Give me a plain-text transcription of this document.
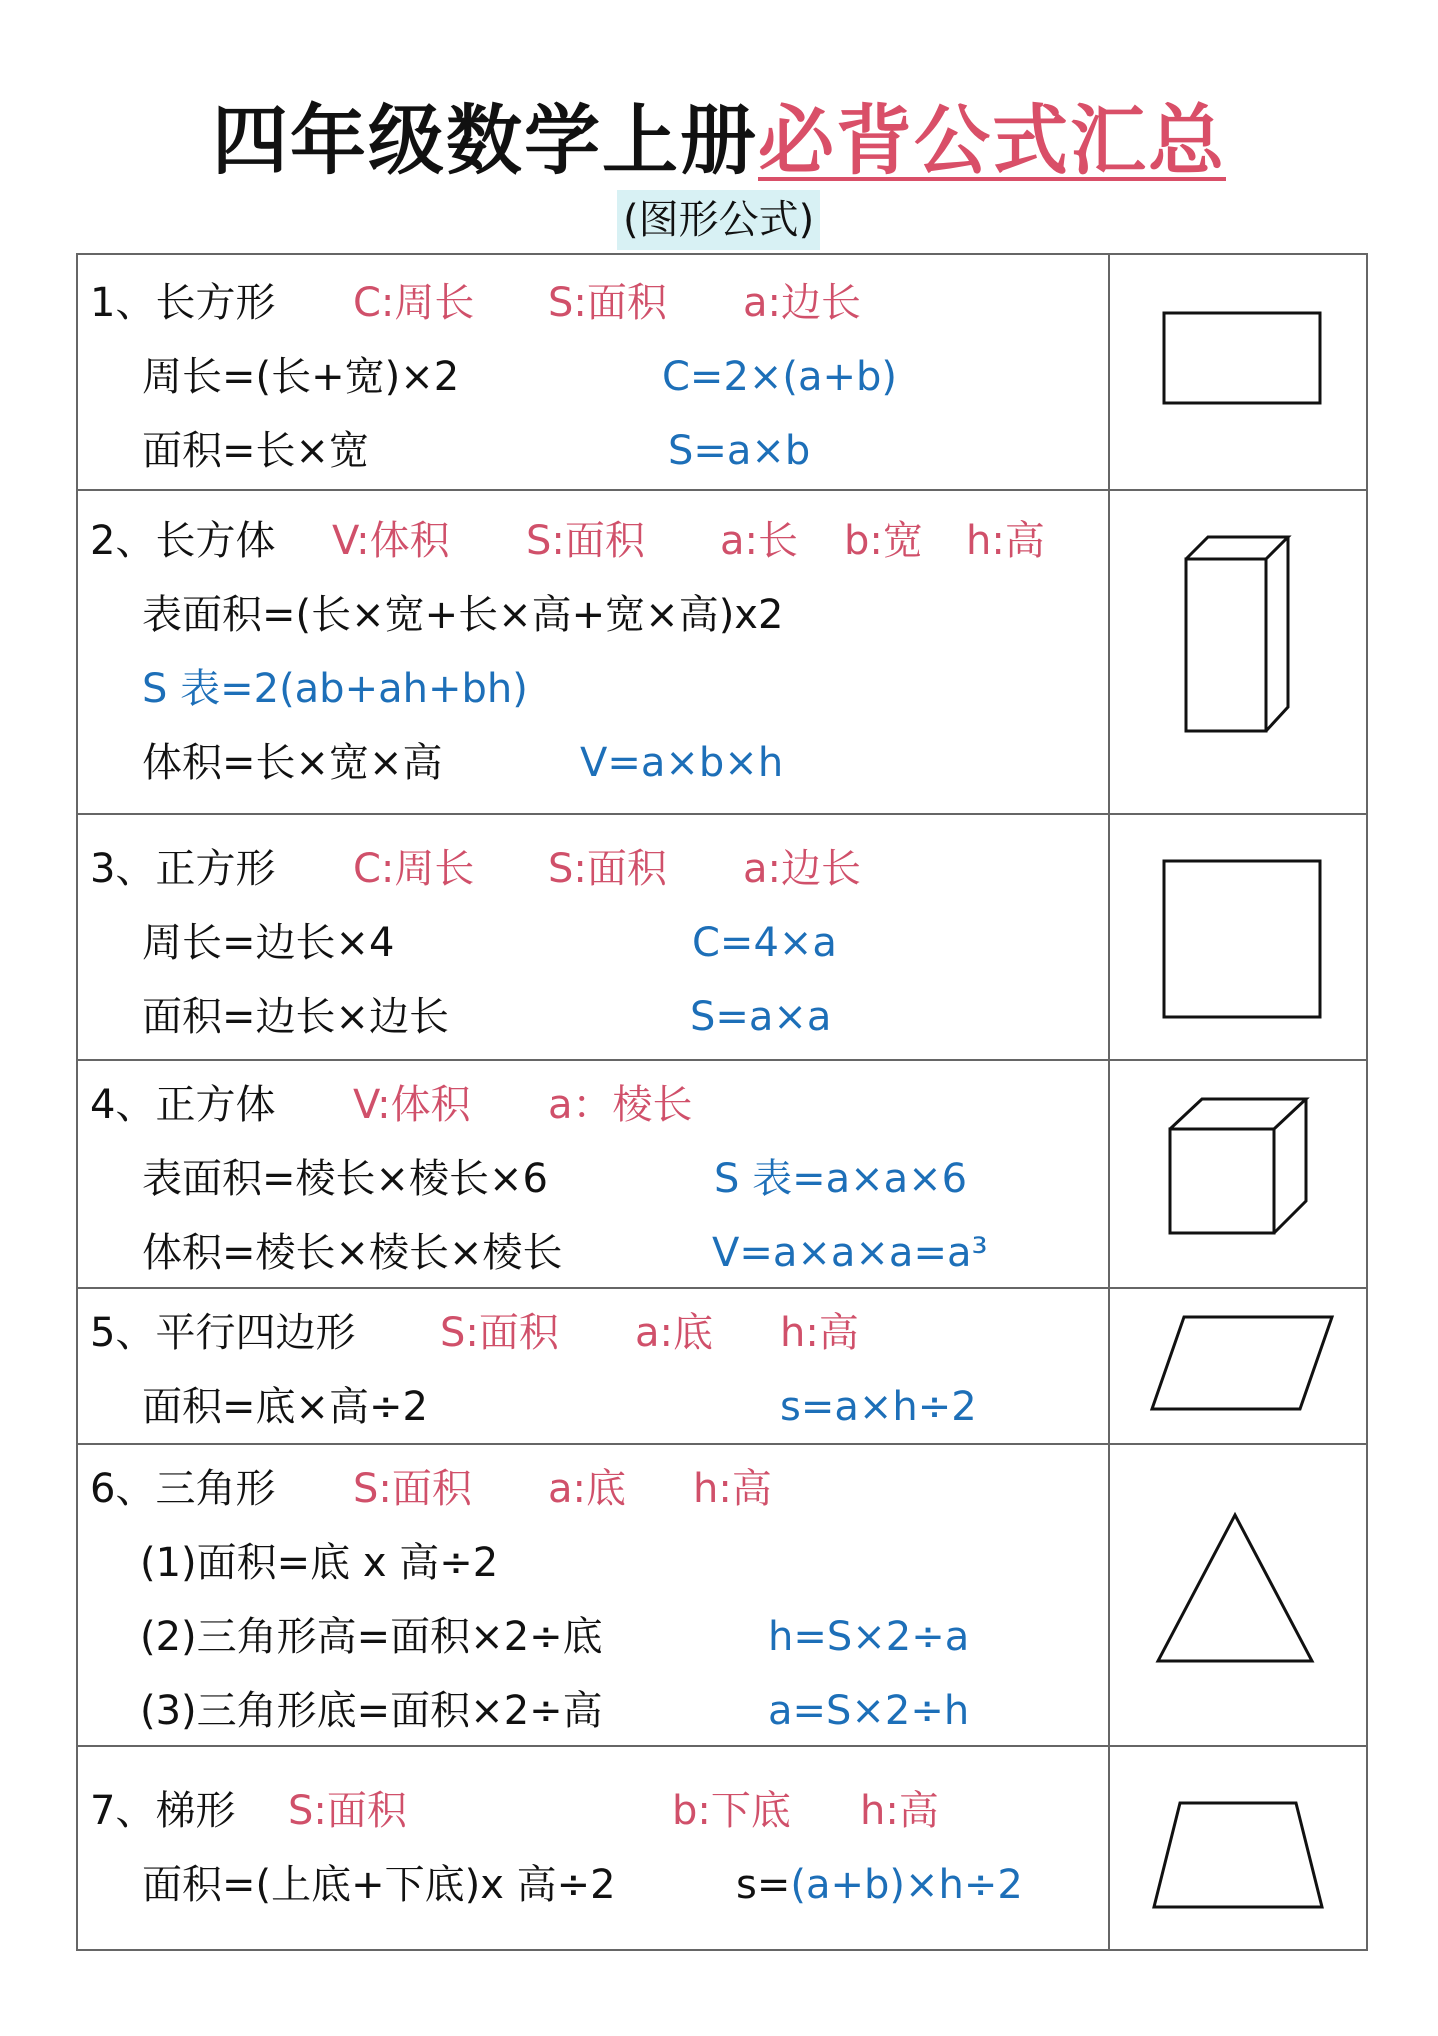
四年级数学上册必背公式汇总
(图形公式)
1、长方形 C:周长 S:面积 a:边长
周长=(长+宽)×2	C=2×(a+b)
面积=长×宽	S=a×b
2、长方体 V:体积 S:面积 a:长 b:宽 h:高
表面积=(长×宽+长×高+宽×高)x2
S 表=2(ab+ah+bh)
体积=长×宽×高	V=a×b×h
3、正方形 C:周长 S:面积 a:边长
周长=边长×4	C=4×a
面积=边长×边长	S=a×a
4、正方体 V:体积 a：棱长
表面积=棱长×棱长×6	S 表=a×a×6
体积=棱长×棱长×棱长	V=a×a×a=a³
5、平行四边形 S:面积 a:底 h:高
面积=底×高÷2	s=a×h÷2
6、三角形 S:面积 a:底 h:高
(1)面积=底 x 高÷2
(2)三角形高=面积×2÷底	h=S×2÷a
(3)三角形底=面积×2÷高	a=S×2÷h
7、梯形 S:面积	b:下底 h:高
面积=(上底+下底)x 高÷2	s=(a+b)×h÷2
